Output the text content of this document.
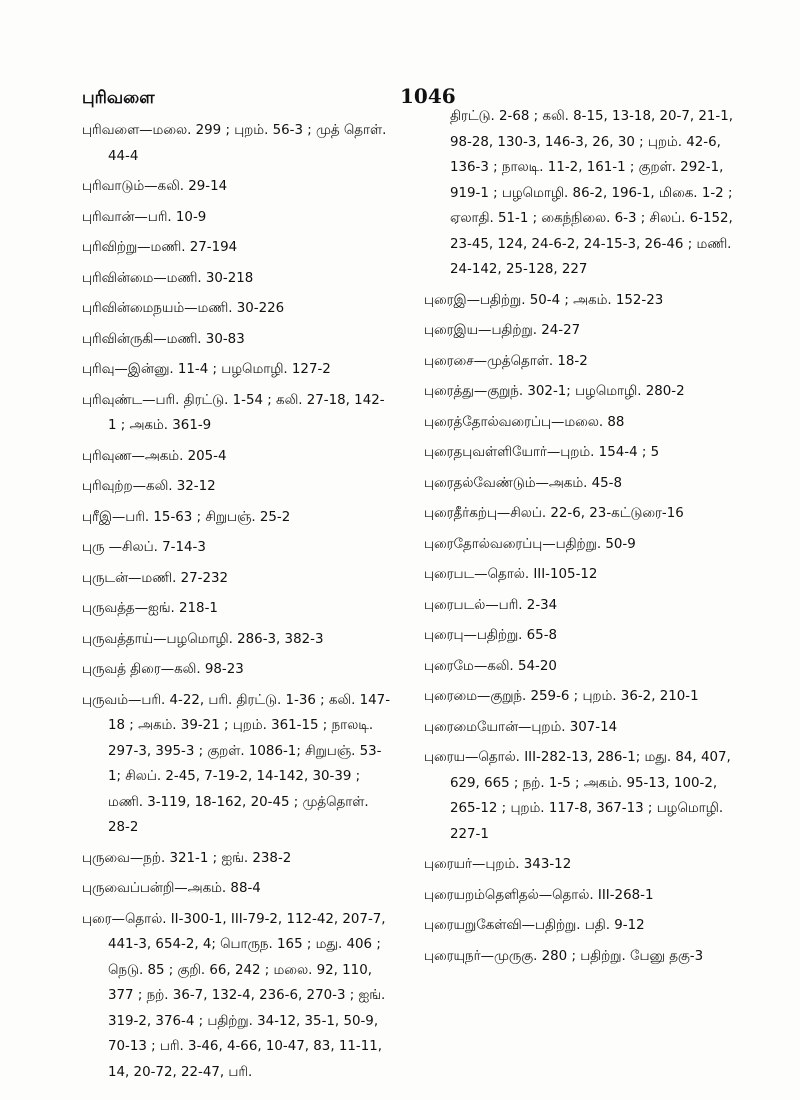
புரிவளை	1046

புரிவளை—மலை. 299 ; புறம். 56-3 ; முத் தொள். 44-4

புரிவாடும்—கலி. 29-14

புரிவான்—பரி. 10-9

புரிவிற்று—மணி. 27-194

புரிவின்மை—மணி. 30-218

புரிவின்மைநயம்—மணி. 30-226

புரிவின்ருகி—மணி. 30-83

புரிவு—இன்னு. 11-4 ; பழமொழி. 127-2

புரிவுண்ட—பரி. திரட்டு. 1-54 ; கலி. 27-18, 142-1 ; அகம். 361-9

புரிவுண—அகம். 205-4

புரிவுற்ற—கலி. 32-12

புரீஇ—பரி. 15-63 ; சிறுபஞ். 25-2

புரு —சிலப். 7-14-3

புருடன்—மணி. 27-232

புருவத்த—ஐங். 218-1

புருவத்தாய்—பழமொழி. 286-3, 382-3

புருவத் திரை—கலி. 98-23

புருவம்—பரி. 4-22, பரி. திரட்டு. 1-36 ; கலி. 147-18 ; அகம். 39-21 ; புறம். 361-15 ; நாலடி. 297-3, 395-3 ; குறள். 1086-1; சிறுபஞ். 53-1; சிலப். 2-45, 7-19-2, 14-142, 30-39 ; மணி. 3-119, 18-162, 20-45 ; முத்தொள். 28-2

புருவை—நற். 321-1 ; ஐங். 238-2

புருவைப்பன்றி—அகம். 88-4

புரை—தொல். II-300-1, III-79-2, 112-42, 207-7, 441-3, 654-2, 4; பொருந. 165 ; மது. 406 ; நெடு. 85 ; குறி. 66, 242 ; மலை. 92, 110, 377 ; நற். 36-7, 132-4, 236-6, 270-3 ; ஐங். 319-2, 376-4 ; பதிற்று. 34-12, 35-1, 50-9, 70-13 ; பரி. 3-46, 4-66, 10-47, 83, 11-11, 14, 20-72, 22-47, பரி.

திரட்டு. 2-68 ; கலி. 8-15, 13-18, 20-7, 21-1, 98-28, 130-3, 146-3, 26, 30 ; புறம். 42-6, 136-3 ; நாலடி. 11-2, 161-1 ; குறள். 292-1, 919-1 ; பழமொழி. 86-2, 196-1, மிகை. 1-2 ; ஏலாதி. 51-1 ; கைந்நிலை. 6-3 ; சிலப். 6-152, 23-45, 124, 24-6-2, 24-15-3, 26-46 ; மணி. 24-142, 25-128, 227

புரைஇ—பதிற்று. 50-4 ; அகம். 152-23

புரைஇய—பதிற்று. 24-27

புரைசை—முத்தொள். 18-2

புரைத்து—குறுந். 302-1; பழமொழி. 280-2

புரைத்தோல்வரைப்பு—மலை. 88

புரைதபுவள்ளியோர்—புறம். 154-4 ; 5

புரைதல்வேண்டும்—அகம். 45-8

புரைதீர்கற்பு—சிலப். 22-6, 23-கட்டுரை-16

புரைதோல்வரைப்பு—பதிற்று. 50-9

புரைபட—தொல். III-105-12

புரைபடல்—பரி. 2-34

புரைபு—பதிற்று. 65-8

புரைமே—கலி. 54-20

புரைமை—குறுந். 259-6 ; புறம். 36-2, 210-1

புரைமையோன்—புறம். 307-14

புரைய—தொல். III-282-13, 286-1; மது. 84, 407, 629, 665 ; நற். 1-5 ; அகம். 95-13, 100-2, 265-12 ; புறம். 117-8, 367-13 ; பழமொழி. 227-1

புரையர்—புறம். 343-12

புரையறம்தெளிதல்—தொல். III-268-1

புரையறுகேள்வி—பதிற்று. பதி. 9-12

புரையுநர்—முருகு. 280 ; பதிற்று. பேனு தகு-3
